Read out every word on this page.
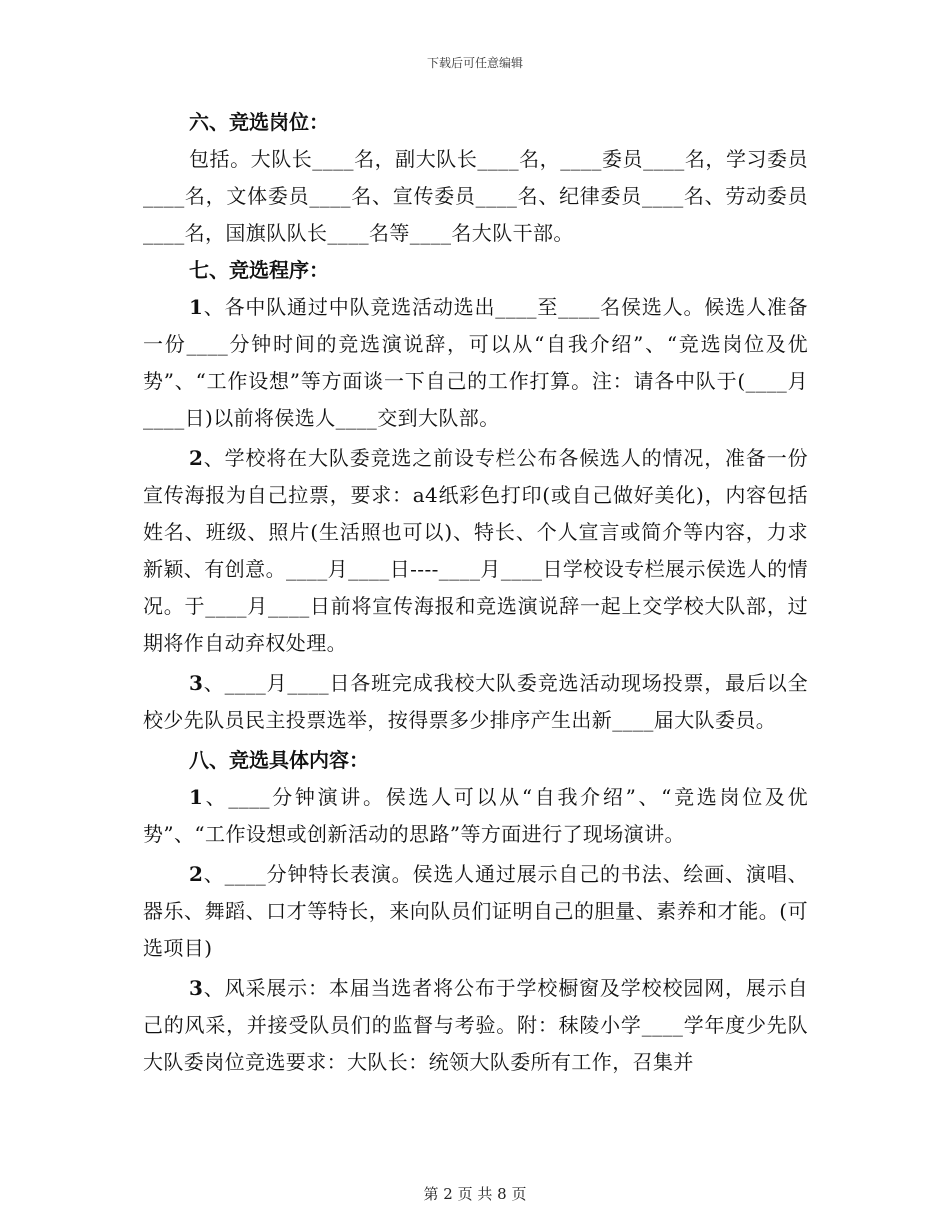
下载后可任意编辑

六、竞选岗位：

包括。大队长____名，副大队长____名，____委员____名，学习委员____名，文体委员____名、宣传委员____名、纪律委员____名、劳动委员____名，国旗队队长____名等____名大队干部。

七、竞选程序：

1、各中队通过中队竞选活动选出____至____名侯选人。候选人准备一份____分钟时间的竞选演说辞，可以从“自我介绍”、“竞选岗位及优势”、“工作设想”等方面谈一下自己的工作打算。注：请各中队于(____月____日)以前将侯选人____交到大队部。

2、学校将在大队委竞选之前设专栏公布各候选人的情况，准备一份宣传海报为自己拉票，要求：a4纸彩色打印(或自己做好美化)，内容包括姓名、班级、照片(生活照也可以)、特长、个人宣言或简介等内容，力求新颖、有创意。____月____日----____月____日学校设专栏展示侯选人的情况。于____月____日前将宣传海报和竞选演说辞一起上交学校大队部，过期将作自动弃权处理。

3、____月____日各班完成我校大队委竞选活动现场投票，最后以全校少先队员民主投票选举，按得票多少排序产生出新____届大队委员。

八、竞选具体内容：

1、____分钟演讲。侯选人可以从“自我介绍”、“竞选岗位及优势”、“工作设想或创新活动的思路”等方面进行了现场演讲。

2、____分钟特长表演。侯选人通过展示自己的书法、绘画、演唱、器乐、舞蹈、口才等特长，来向队员们证明自己的胆量、素养和才能。(可选项目)

3、风采展示：本届当选者将公布于学校橱窗及学校校园网，展示自己的风采，并接受队员们的监督与考验。附：秣陵小学____学年度少先队大队委岗位竞选要求：大队长：统领大队委所有工作，召集并

第 2 页 共 8 页
